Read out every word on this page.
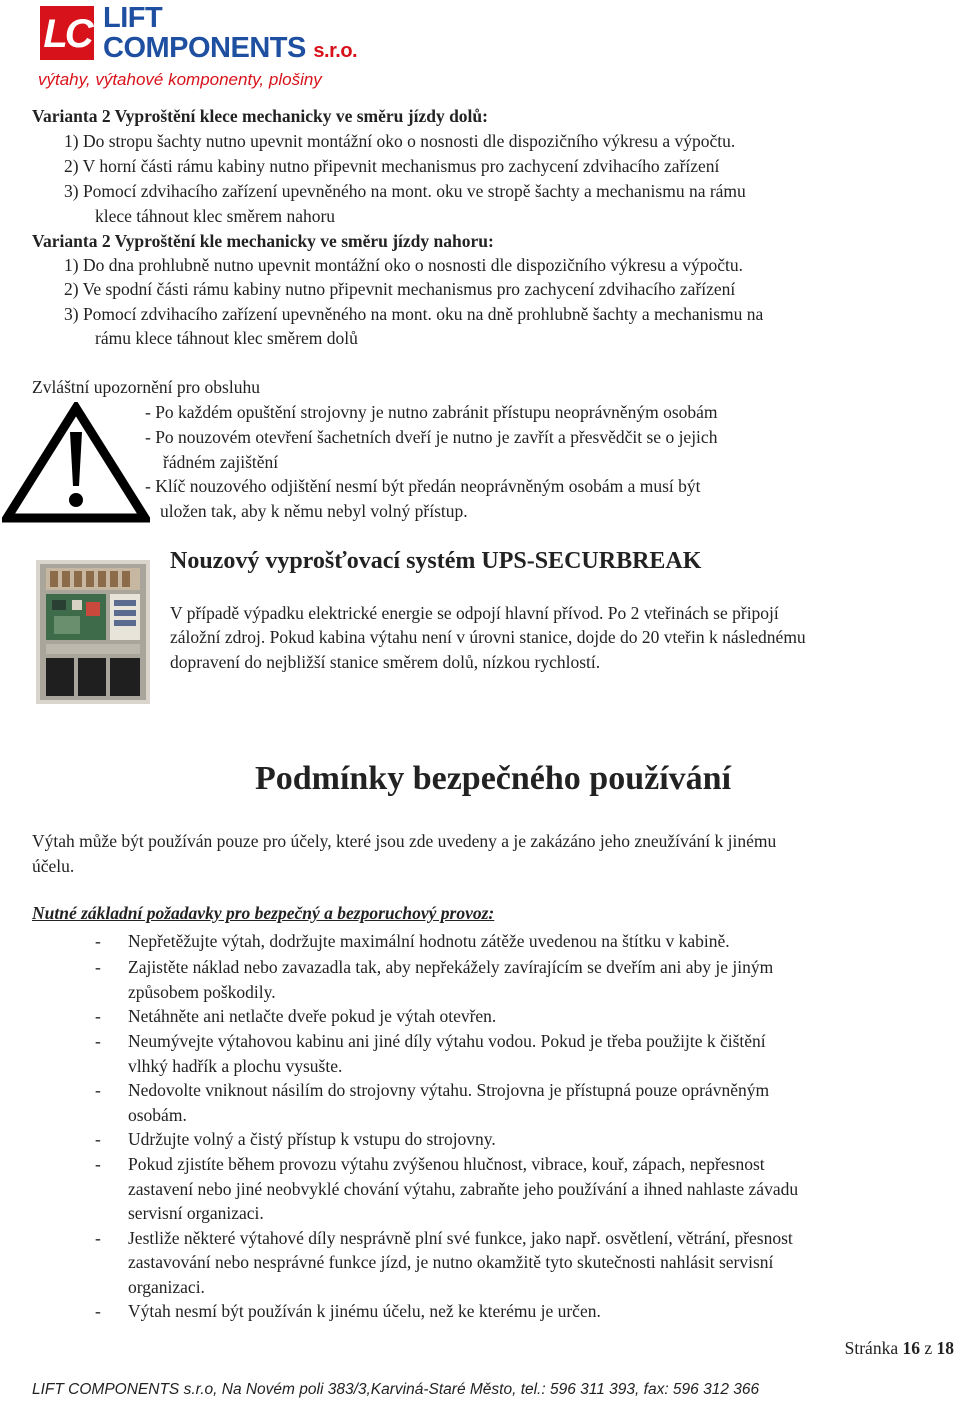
LC LIFT
COMPONENTS s.r.o.
výtahy, výtahové komponenty, plošiny
Varianta 2 Vyproštění klece mechanicky ve směru jízdy dolů:
1) Do stropu šachty nutno upevnit montážní oko o nosnosti dle dispozičního výkresu a výpočtu.
2) V horní části rámu kabiny nutno připevnit mechanismus pro zachycení zdvihacího zařízení
3) Pomocí zdvihacího zařízení upevněného na mont. oku ve stropě šachty a mechanismu na rámu
klece táhnout klec směrem nahoru
Varianta 2 Vyproštění kle mechanicky ve směru jízdy nahoru:
1) Do dna prohlubně nutno upevnit montážní oko o nosnosti dle dispozičního výkresu a výpočtu.
2) Ve spodní části rámu kabiny nutno připevnit mechanismus pro zachycení zdvihacího zařízení
3) Pomocí zdvihacího zařízení upevněného na mont. oku na dně prohlubně šachty a mechanismu na
rámu klece táhnout klec směrem dolů
Zvláštní upozornění pro obsluhu
- Po každém opuštění strojovny je nutno zabránit přístupu neoprávněným osobám
- Po nouzovém otevření šachetních dveří je nutno je zavřít a přesvědčit se o jejich
řádném zajištění
- Klíč nouzového odjištění nesmí být předán neoprávněným osobám a musí být
uložen tak, aby k němu nebyl volný přístup.
Nouzový vyprošťovací systém UPS-SECURBREAK
V případě výpadku elektrické energie se odpojí hlavní přívod. Po 2 vteřinách se připojí
záložní zdroj. Pokud kabina výtahu není v úrovni stanice, dojde do 20 vteřin k následnému
dopravení do nejbližší stanice směrem dolů, nízkou rychlostí.
Podmínky bezpečného používání
Výtah může být používán pouze pro účely, které jsou zde uvedeny a je zakázáno jeho zneužívání k jinému
účelu.
Nutné základní požadavky pro bezpečný a bezporuchový provoz:
- Nepřetěžujte výtah, dodržujte maximální hodnotu zátěže uvedenou na štítku v kabině.
- Zajistěte náklad nebo zavazadla tak, aby nepřekážely zavírajícím se dveřím ani aby je jiným
způsobem poškodily.
- Netáhněte ani netlačte dveře pokud je výtah otevřen.
- Neumývejte výtahovou kabinu ani jiné díly výtahu vodou. Pokud je třeba použijte k čištění
vlhký hadřík a plochu vysušte.
- Nedovolte vniknout násilím do strojovny výtahu. Strojovna je přístupná pouze oprávněným
osobám.
- Udržujte volný a čistý přístup k vstupu do strojovny.
- Pokud zjistíte během provozu výtahu zvýšenou hlučnost, vibrace, kouř, zápach, nepřesnost
zastavení nebo jiné neobvyklé chování výtahu, zabraňte jeho používání a ihned nahlaste závadu
servisní organizaci.
- Jestliže některé výtahové díly nesprávně plní své funkce, jako např. osvětlení, větrání, přesnost
zastavování nebo nesprávné funkce jízd, je nutno okamžitě tyto skutečnosti nahlásit servisní
organizaci.
- Výtah nesmí být používán k jinému účelu, než ke kterému je určen.
Stránka 16 z 18
LIFT COMPONENTS s.r.o, Na Novém poli 383/3,Karviná-Staré Město, tel.: 596 311 393, fax: 596 312 366
